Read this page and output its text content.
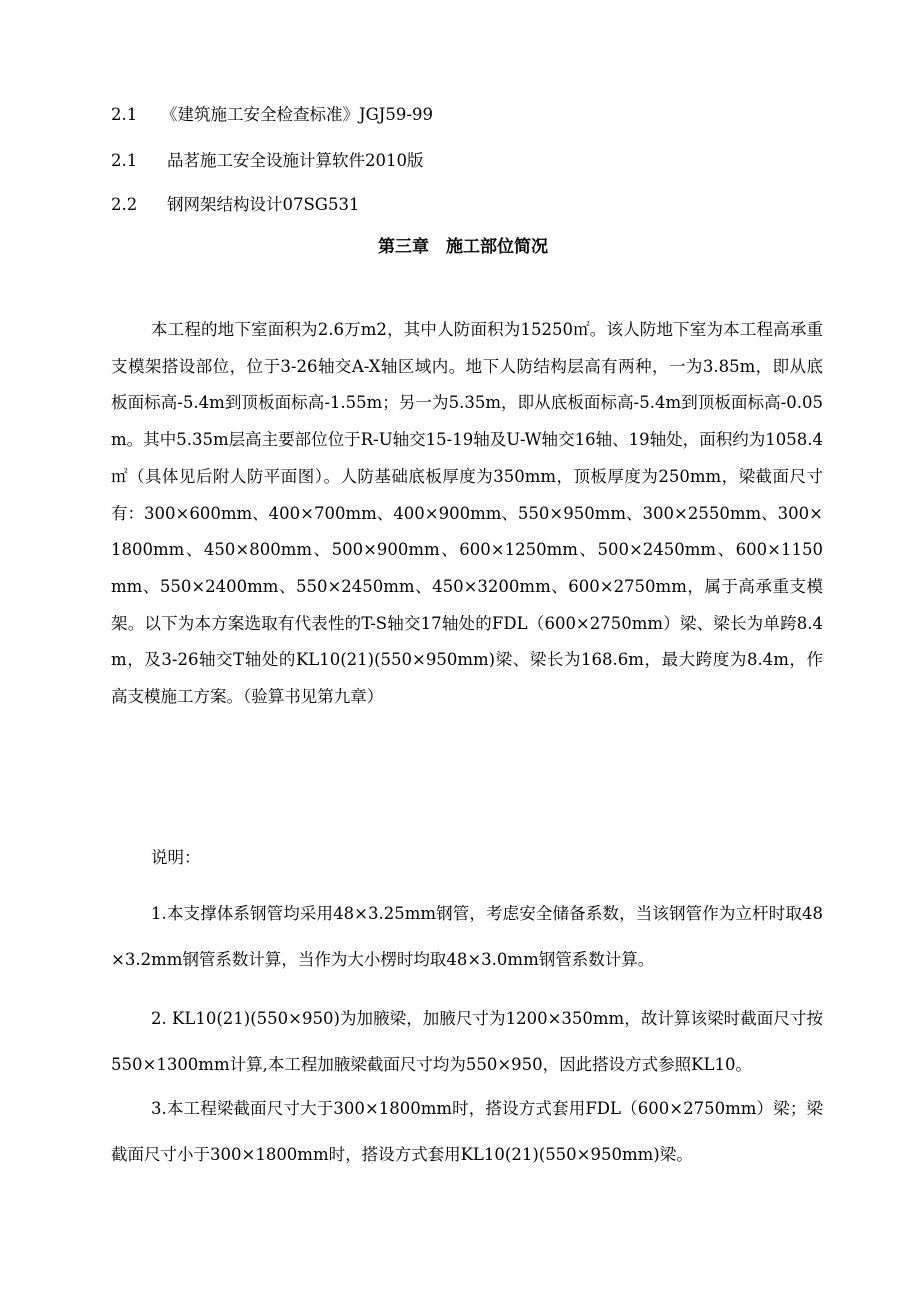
2.1 《建筑施工安全检查标准》JGJ59-99
2.1 品茗施工安全设施计算软件2010版
2.2 钢网架结构设计07SG531
第三章　施工部位简况
本工程的地下室面积为2.6万m2，其中人防面积为15250㎡。该人防地下室为本工程高承重支模架搭设部位，位于3-26轴交A-X轴区域内。地下人防结构层高有两种，一为3.85m，即从底板面标高-5.4m到顶板面标高-1.55m；另一为5.35m，即从底板面标高-5.4m到顶板面标高-0.05m。其中5.35m层高主要部位位于R-U轴交15-19轴及U-W轴交16轴、19轴处，面积约为1058.4㎡（具体见后附人防平面图）。人防基础底板厚度为350mm，顶板厚度为250mm，梁截面尺寸有：300×600mm、400×700mm、400×900mm、550×950mm、300×2550mm、300×1800mm、450×800mm、500×900mm、600×1250mm、500×2450mm、600×1150mm、550×2400mm、550×2450mm、450×3200mm、600×2750mm，属于高承重支模架。以下为本方案选取有代表性的T-S轴交17轴处的FDL（600×2750mm）梁、梁长为单跨8.4m，及3-26轴交T轴处的KL10(21)(550×950mm)梁、梁长为168.6m，最大跨度为8.4m，作高支模施工方案。（验算书见第九章）
说明：
1.本支撑体系钢管均采用48×3.25mm钢管，考虑安全储备系数，当该钢管作为立杆时取48×3.2mm钢管系数计算，当作为大小楞时均取48×3.0mm钢管系数计算。
2. KL10(21)(550×950)为加腋梁，加腋尺寸为1200×350mm，故计算该梁时截面尺寸按550×1300mm计算,本工程加腋梁截面尺寸均为550×950，因此搭设方式参照KL10。
3.本工程梁截面尺寸大于300×1800mm时，搭设方式套用FDL（600×2750mm）梁；梁截面尺寸小于300×1800mm时，搭设方式套用KL10(21)(550×950mm)梁。
